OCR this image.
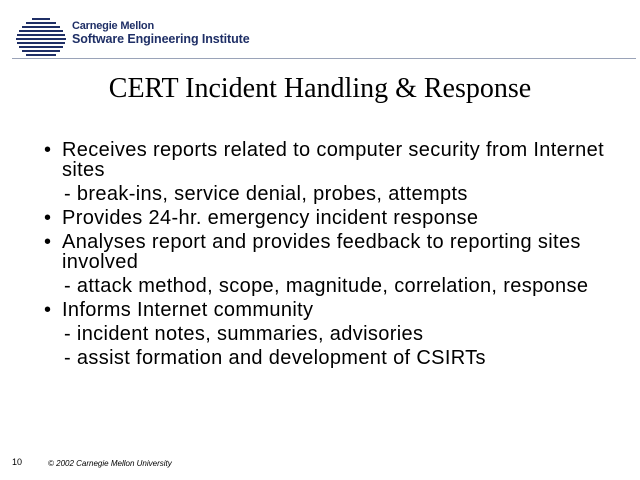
Carnegie Mellon
Software Engineering Institute
CERT Incident Handling & Response
• Receives reports related to computer security from Internet sites
- break-ins, service denial, probes, attempts
• Provides 24-hr. emergency incident response
• Analyses report and provides feedback to reporting sites involved
- attack method, scope, magnitude, correlation, response
• Informs Internet community
- incident notes, summaries, advisories
- assist formation and development of CSIRTs
10	© 2002 Carnegie Mellon University
